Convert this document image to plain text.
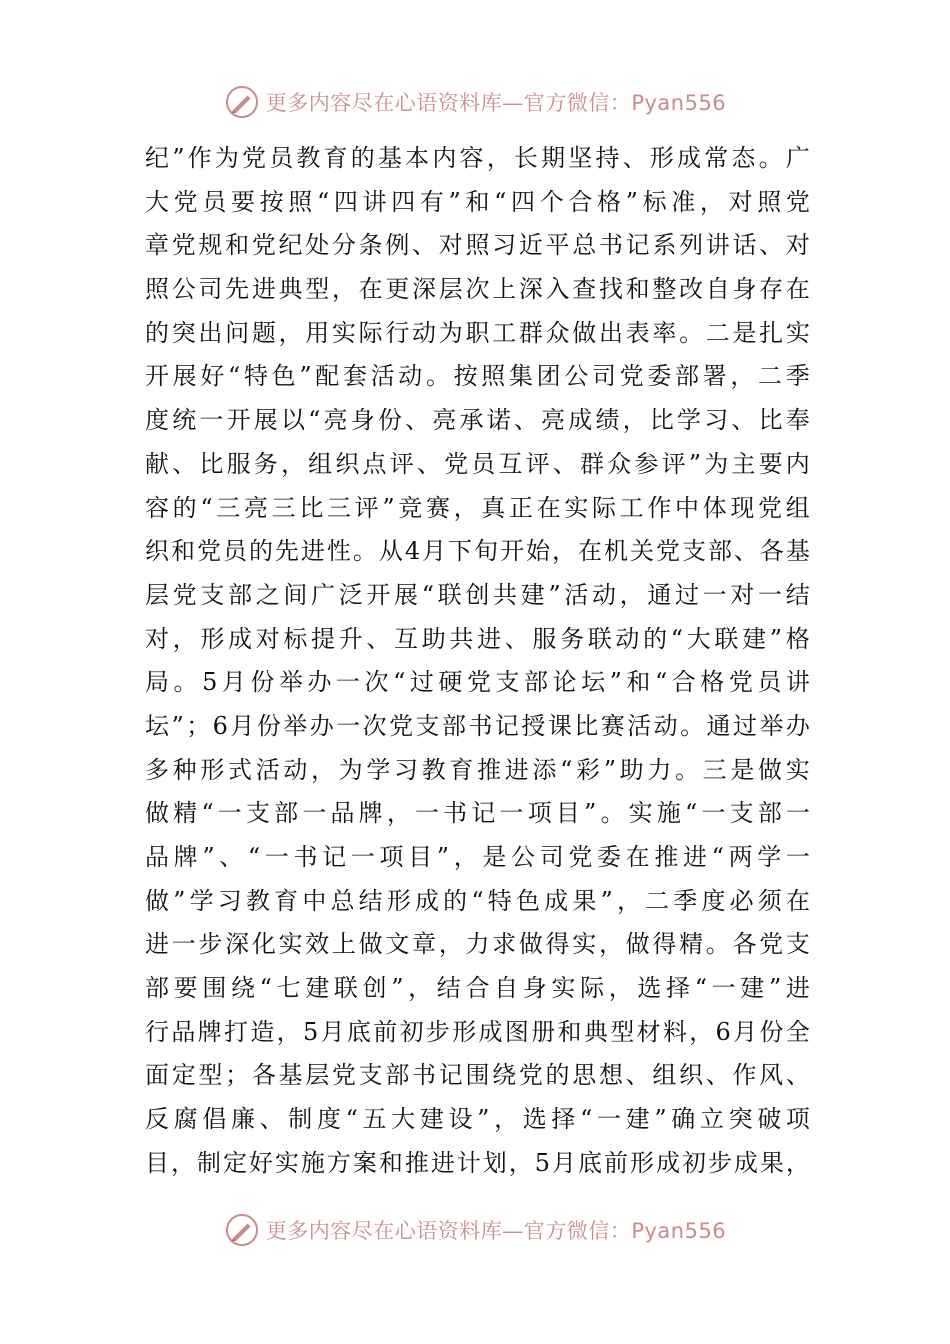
更多内容尽在心语资料库—官方微信：Pyan556
纪 ” 作 为 党 员 教 育 的 基 本 内 容 ， 长 期 坚 持 、 形 成 常 态 。 广
大 党 员 要 按 照 “ 四 讲 四 有 ” 和 “ 四 个 合 格 ” 标 准 ， 对 照 党
章 党 规 和 党 纪 处 分 条 例 、 对 照 习 近 平 总 书 记 系 列 讲 话 、 对
照 公 司 先 进 典 型 ， 在 更 深 层 次 上 深 入 查 找 和 整 改 自 身 存 在
的 突 出 问 题 ， 用 实 际 行 动 为 职 工 群 众 做 出 表 率 。 二 是 扎 实
开 展 好 “ 特 色 ” 配 套 活 动 。 按 照 集 团 公 司 党 委 部 署 ， 二 季
度 统 一 开 展 以 “ 亮 身 份 、 亮 承 诺 、 亮 成 绩 ， 比 学 习 、 比 奉
献 、 比 服 务 ， 组 织 点 评 、 党 员 互 评 、 群 众 参 评 ” 为 主 要 内
容 的 “ 三 亮 三 比 三 评 ” 竞 赛 ， 真 正 在 实 际 工 作 中 体 现 党 组
织 和 党 员 的 先 进 性 。 从 4 月 下 旬 开 始 ， 在 机 关 党 支 部 、 各 基
层 党 支 部 之 间 广 泛 开 展 “ 联 创 共 建 ” 活 动 ， 通 过 一 对 一 结
对 ， 形 成 对 标 提 升 、 互 助 共 进 、 服 务 联 动 的 “ 大 联 建 ” 格
局 。 5 月 份 举 办 一 次 “ 过 硬 党 支 部 论 坛 ” 和 “ 合 格 党 员 讲
坛 ” ； 6 月 份 举 办 一 次 党 支 部 书 记 授 课 比 赛 活 动 。 通 过 举 办
多 种 形 式 活 动 ， 为 学 习 教 育 推 进 添 “ 彩 ” 助 力 。 三 是 做 实
做 精 “ 一 支 部 一 品 牌 ， 一 书 记 一 项 目 ” 。 实 施 “ 一 支 部 一
品 牌 ” 、 “ 一 书 记 一 项 目 ” ， 是 公 司 党 委 在 推 进 “ 两 学 一
做 ” 学 习 教 育 中 总 结 形 成 的 “ 特 色 成 果 ” ， 二 季 度 必 须 在
进 一 步 深 化 实 效 上 做 文 章 ， 力 求 做 得 实 ， 做 得 精 。 各 党 支
部 要 围 绕 “ 七 建 联 创 ” ， 结 合 自 身 实 际 ， 选 择 “ 一 建 ” 进
行 品 牌 打 造 ， 5 月 底 前 初 步 形 成 图 册 和 典 型 材 料 ， 6 月 份 全
面 定 型 ； 各 基 层 党 支 部 书 记 围 绕 党 的 思 想 、 组 织 、 作 风 、
反 腐 倡 廉 、 制 度 “ 五 大 建 设 ” ， 选 择 “ 一 建 ” 确 立 突 破 项
目 ， 制 定 好 实 施 方 案 和 推 进 计 划 ， 5 月 底 前 形 成 初 步 成 果 ，
更多内容尽在心语资料库—官方微信：Pyan556
